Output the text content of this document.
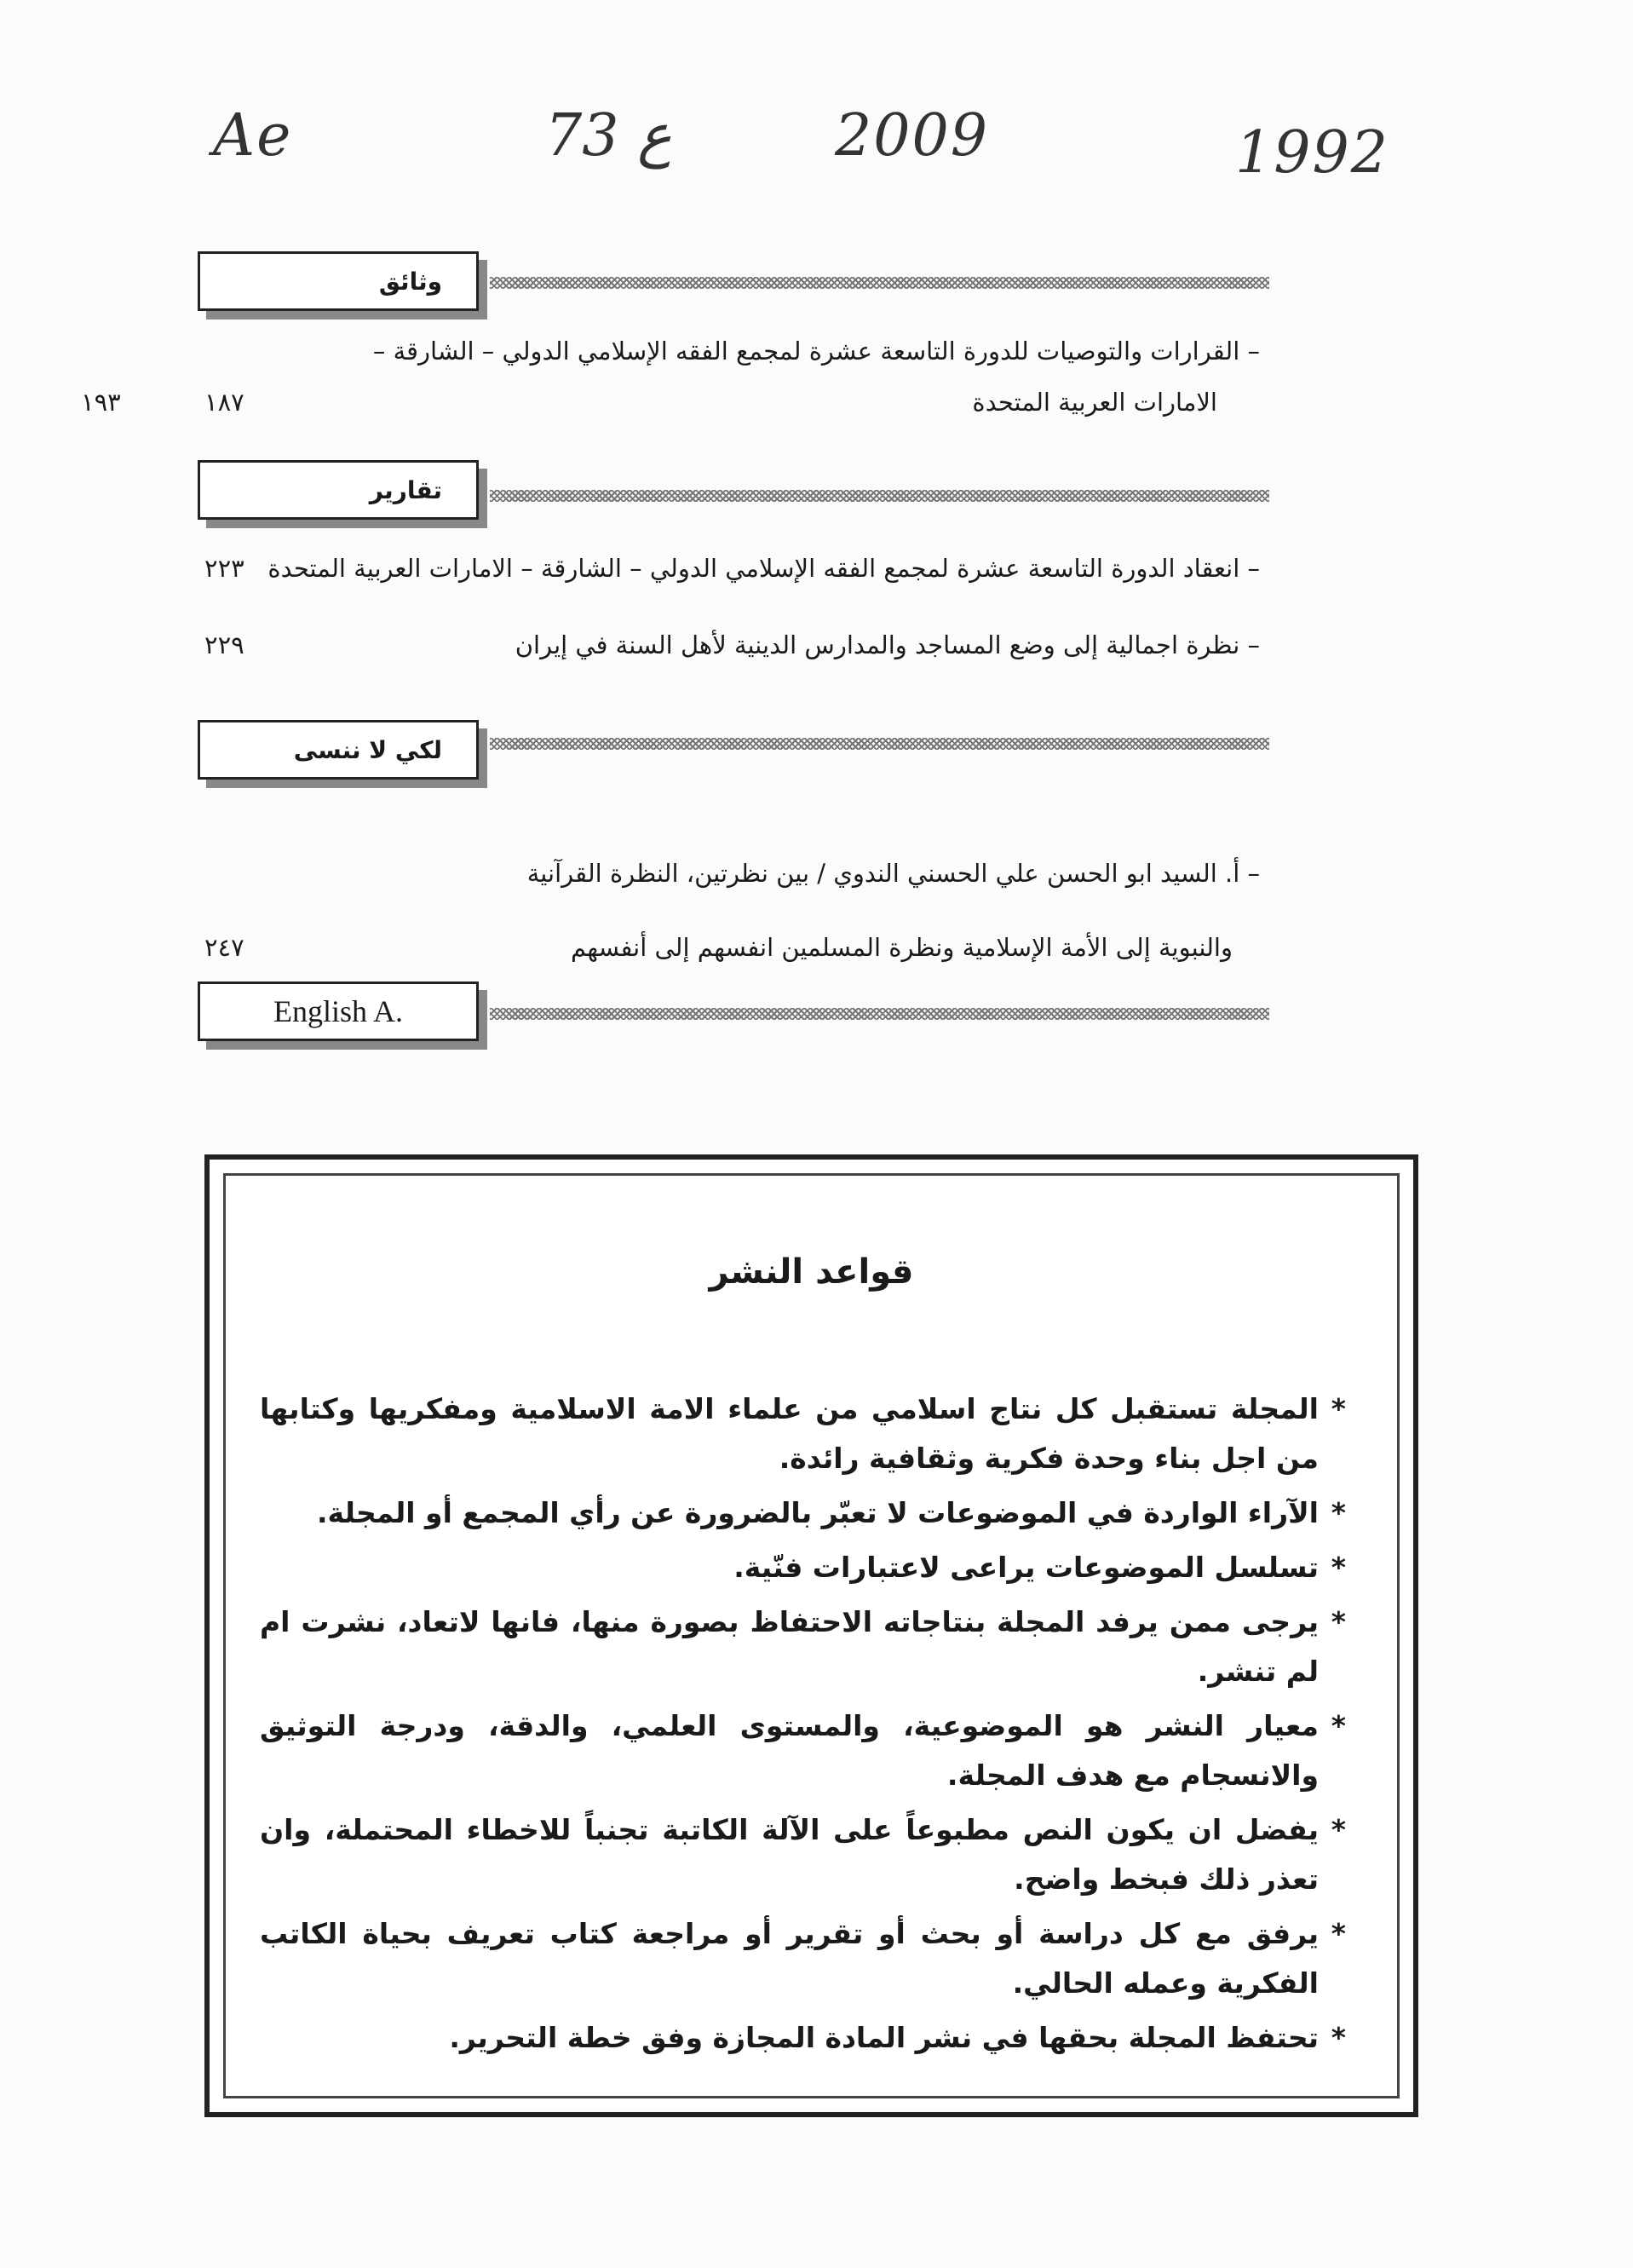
Ae	73 ع	2009	1992
وثائق
– القرارات والتوصيات للدورة التاسعة عشرة لمجمع الفقه الإسلامي الدولي – الشارقة –
الامارات العربية المتحدة
١٨٧
١٩٣
تقارير
– انعقاد الدورة التاسعة عشرة لمجمع الفقه الإسلامي الدولي – الشارقة – الامارات العربية المتحدة
٢٢٣
– نظرة اجمالية إلى وضع المساجد والمدارس الدينية لأهل السنة في إيران
٢٢٩
لكي لا ننسى
– أ. السيد ابو الحسن علي الحسني الندوي / بين نظرتين، النظرة القرآنية
والنبوية إلى الأمة الإسلامية ونظرة المسلمين انفسهم إلى أنفسهم
٢٤٧
English A.
قواعد النشر
*
المجلة تستقبل كل نتاج اسلامي من علماء الامة الاسلامية ومفكريها وكتابها من اجل بناء وحدة فكرية وثقافية رائدة.
*
الآراء الواردة في الموضوعات لا تعبّر بالضرورة عن رأي المجمع أو المجلة.
*
تسلسل الموضوعات يراعى لاعتبارات فنّية.
*
يرجى ممن يرفد المجلة بنتاجاته الاحتفاظ بصورة منها، فانها لاتعاد، نشرت ام لم تنشر.
*
معيار النشر هو الموضوعية، والمستوى العلمي، والدقة، ودرجة التوثيق والانسجام مع هدف المجلة.
*
يفضل ان يكون النص مطبوعاً على الآلة الكاتبة تجنباً للاخطاء المحتملة، وان تعذر ذلك فبخط واضح.
*
يرفق مع كل دراسة أو بحث أو تقرير أو مراجعة كتاب تعريف بحياة الكاتب الفكرية وعمله الحالي.
*
تحتفظ المجلة بحقها في نشر المادة المجازة وفق خطة التحرير.
